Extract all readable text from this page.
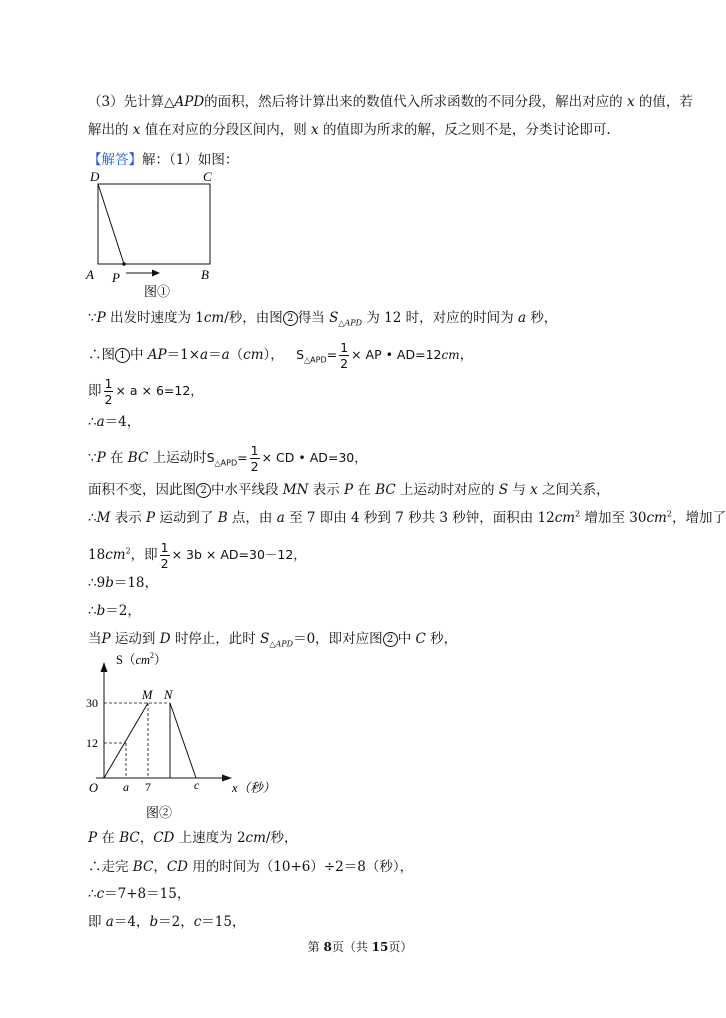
（3）先计算△APD的面积，然后将计算出来的数值代入所求函数的不同分段，解出对应的 x 的值，若
解出的 x 值在对应的分段区间内，则 x 的值即为所求的解，反之则不是，分类讨论即可.
【解答】解：（1）如图：
D	C
A P	B
图①
∵P 出发时速度为 1cm/秒，由图 2 得当 $S_{\triangle APD}$ 为 12 时，对应的时间为 a 秒，
∴图 1 中 AP＝1×a＝a（cm）， $S_{\triangle APD}= \frac{1}{2}$ × AP • AD=12cm，
即 $\frac{1}{2} \times a \times 6=12$，
∴a＝4，
∵P 在 BC 上运动时$S_{\triangle APD}= \frac{1}{2}$ × CD • AD=30，
面积不变，因此图 2 中水平线段 MN 表示 P 在 BC 上运动时对应的 S 与 x 之间关系，
∴M 表示 P 运动到了 B 点，由 a 至 7 即由 4 秒到 7 秒共 3 秒钟，面积由 $12cm^2$ 增加至 $30cm^2$，增加了
$18cm^2$，即 $\frac{1}{2} \times 3b \times AD=30-12$，
∴9b＝18，
∴b＝2，
当P 运动到 D 时停止，此时 $S_{\triangle APD}=0$，即对应图 2 中 C 秒，
$S(cm^2)$
30
12
M N
O a 7	c	x（秒）
图②
P 在 BC，CD 上速度为 2cm/秒，
∴走完 BC，CD 用的时间为（10+6）÷2＝8（秒），
∴c＝7+8＝15，
即 a＝4，b＝2，c＝15，
第 8页（共 15页）
